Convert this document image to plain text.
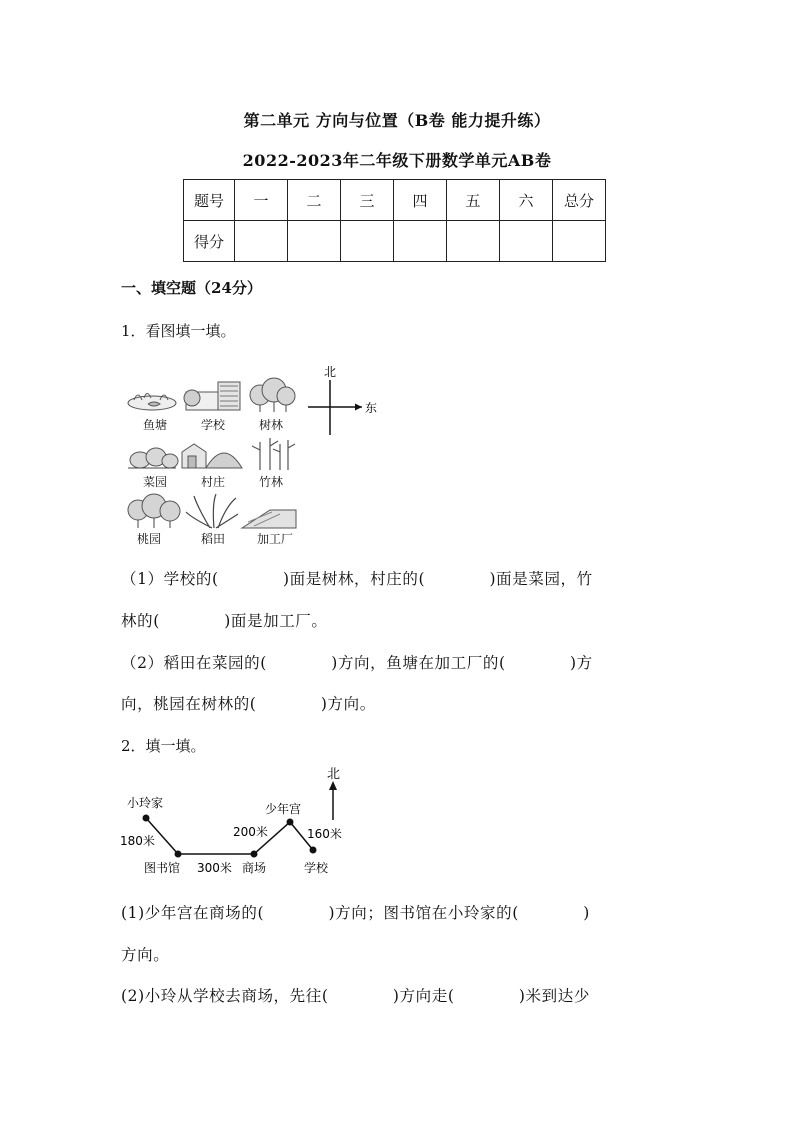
第二单元 方向与位置（B卷 能力提升练）
2022-2023年二年级下册数学单元AB卷
题号	一	二	三	四	五	六	总分
得分							
一、填空题（24分）
1．看图填一填。
鱼塘	学校	树林
菜园	村庄	竹林
桃园	稻田	加工厂
北
东
（1）学校的(　　　　)面是树林，村庄的(　　　　)面是菜园，竹
林的(　　　　)面是加工厂。
（2）稻田在菜园的(　　　　)方向，鱼塘在加工厂的(　　　　)方
向，桃园在树林的(　　　　)方向。
2．填一填。
北
小玲家
图书馆	商场
少年宫
学校
180米
300米
200米	160米
(1)少年宫在商场的(　　　　)方向；图书馆在小玲家的(　　　　)
方向。
(2)小玲从学校去商场，先往(　　　　)方向走(　　　　)米到达少
